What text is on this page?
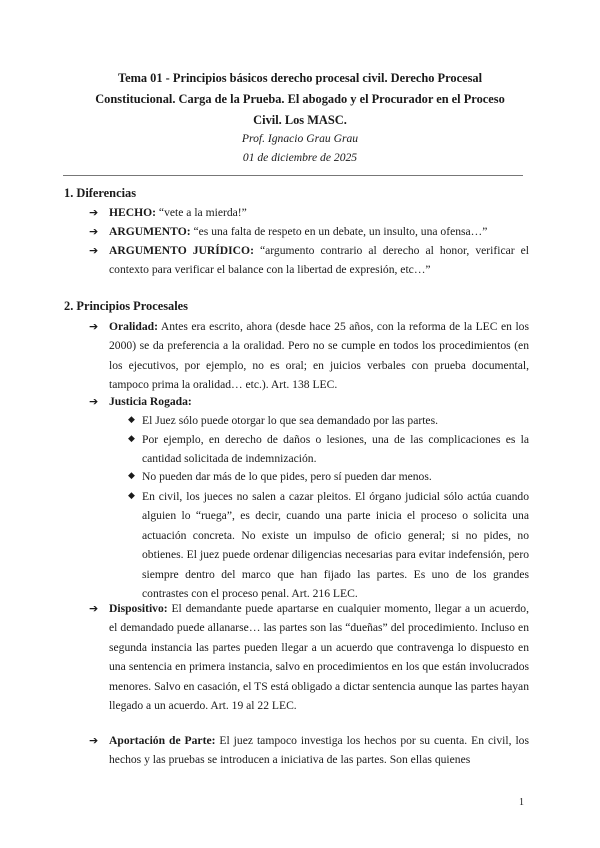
Tema 01 - Principios básicos derecho procesal civil. Derecho Procesal
Constitucional. Carga de la Prueba. El abogado y el Procurador en el Proceso
Civil. Los MASC.
Prof. Ignacio Grau Grau
01 de diciembre de 2025
1. Diferencias
➔ HECHO: “vete a la mierda!”
➔ ARGUMENTO: “es una falta de respeto en un debate, un insulto, una ofensa…”
➔ ARGUMENTO JURÍDICO: “argumento contrario al derecho al honor, verificar el contexto para verificar el balance con la libertad de expresión, etc…”
2. Principios Procesales
➔ Oralidad: Antes era escrito, ahora (desde hace 25 años, con la reforma de la LEC en los 2000) se da preferencia a la oralidad. Pero no se cumple en todos los procedimientos (en los ejecutivos, por ejemplo, no es oral; en juicios verbales con prueba documental, tampoco prima la oralidad… etc.). Art. 138 LEC.
➔ Justicia Rogada:
◆ El Juez sólo puede otorgar lo que sea demandado por las partes.
◆ Por ejemplo, en derecho de daños o lesiones, una de las complicaciones es la cantidad solicitada de indemnización.
◆ No pueden dar más de lo que pides, pero sí pueden dar menos.
◆ En civil, los jueces no salen a cazar pleitos. El órgano judicial sólo actúa cuando alguien lo “ruega”, es decir, cuando una parte inicia el proceso o solicita una actuación concreta. No existe un impulso de oficio general; si no pides, no obtienes. El juez puede ordenar diligencias necesarias para evitar indefensión, pero siempre dentro del marco que han fijado las partes. Es uno de los grandes contrastes con el proceso penal. Art. 216 LEC.
➔ Dispositivo: El demandante puede apartarse en cualquier momento, llegar a un acuerdo, el demandado puede allanarse… las partes son las “dueñas” del procedimiento. Incluso en segunda instancia las partes pueden llegar a un acuerdo que contravenga lo dispuesto en una sentencia en primera instancia, salvo en procedimientos en los que están involucrados menores. Salvo en casación, el TS está obligado a dictar sentencia aunque las partes hayan llegado a un acuerdo. Art. 19 al 22 LEC.
➔ Aportación de Parte: El juez tampoco investiga los hechos por su cuenta. En civil, los hechos y las pruebas se introducen a iniciativa de las partes. Son ellas quienes
1
